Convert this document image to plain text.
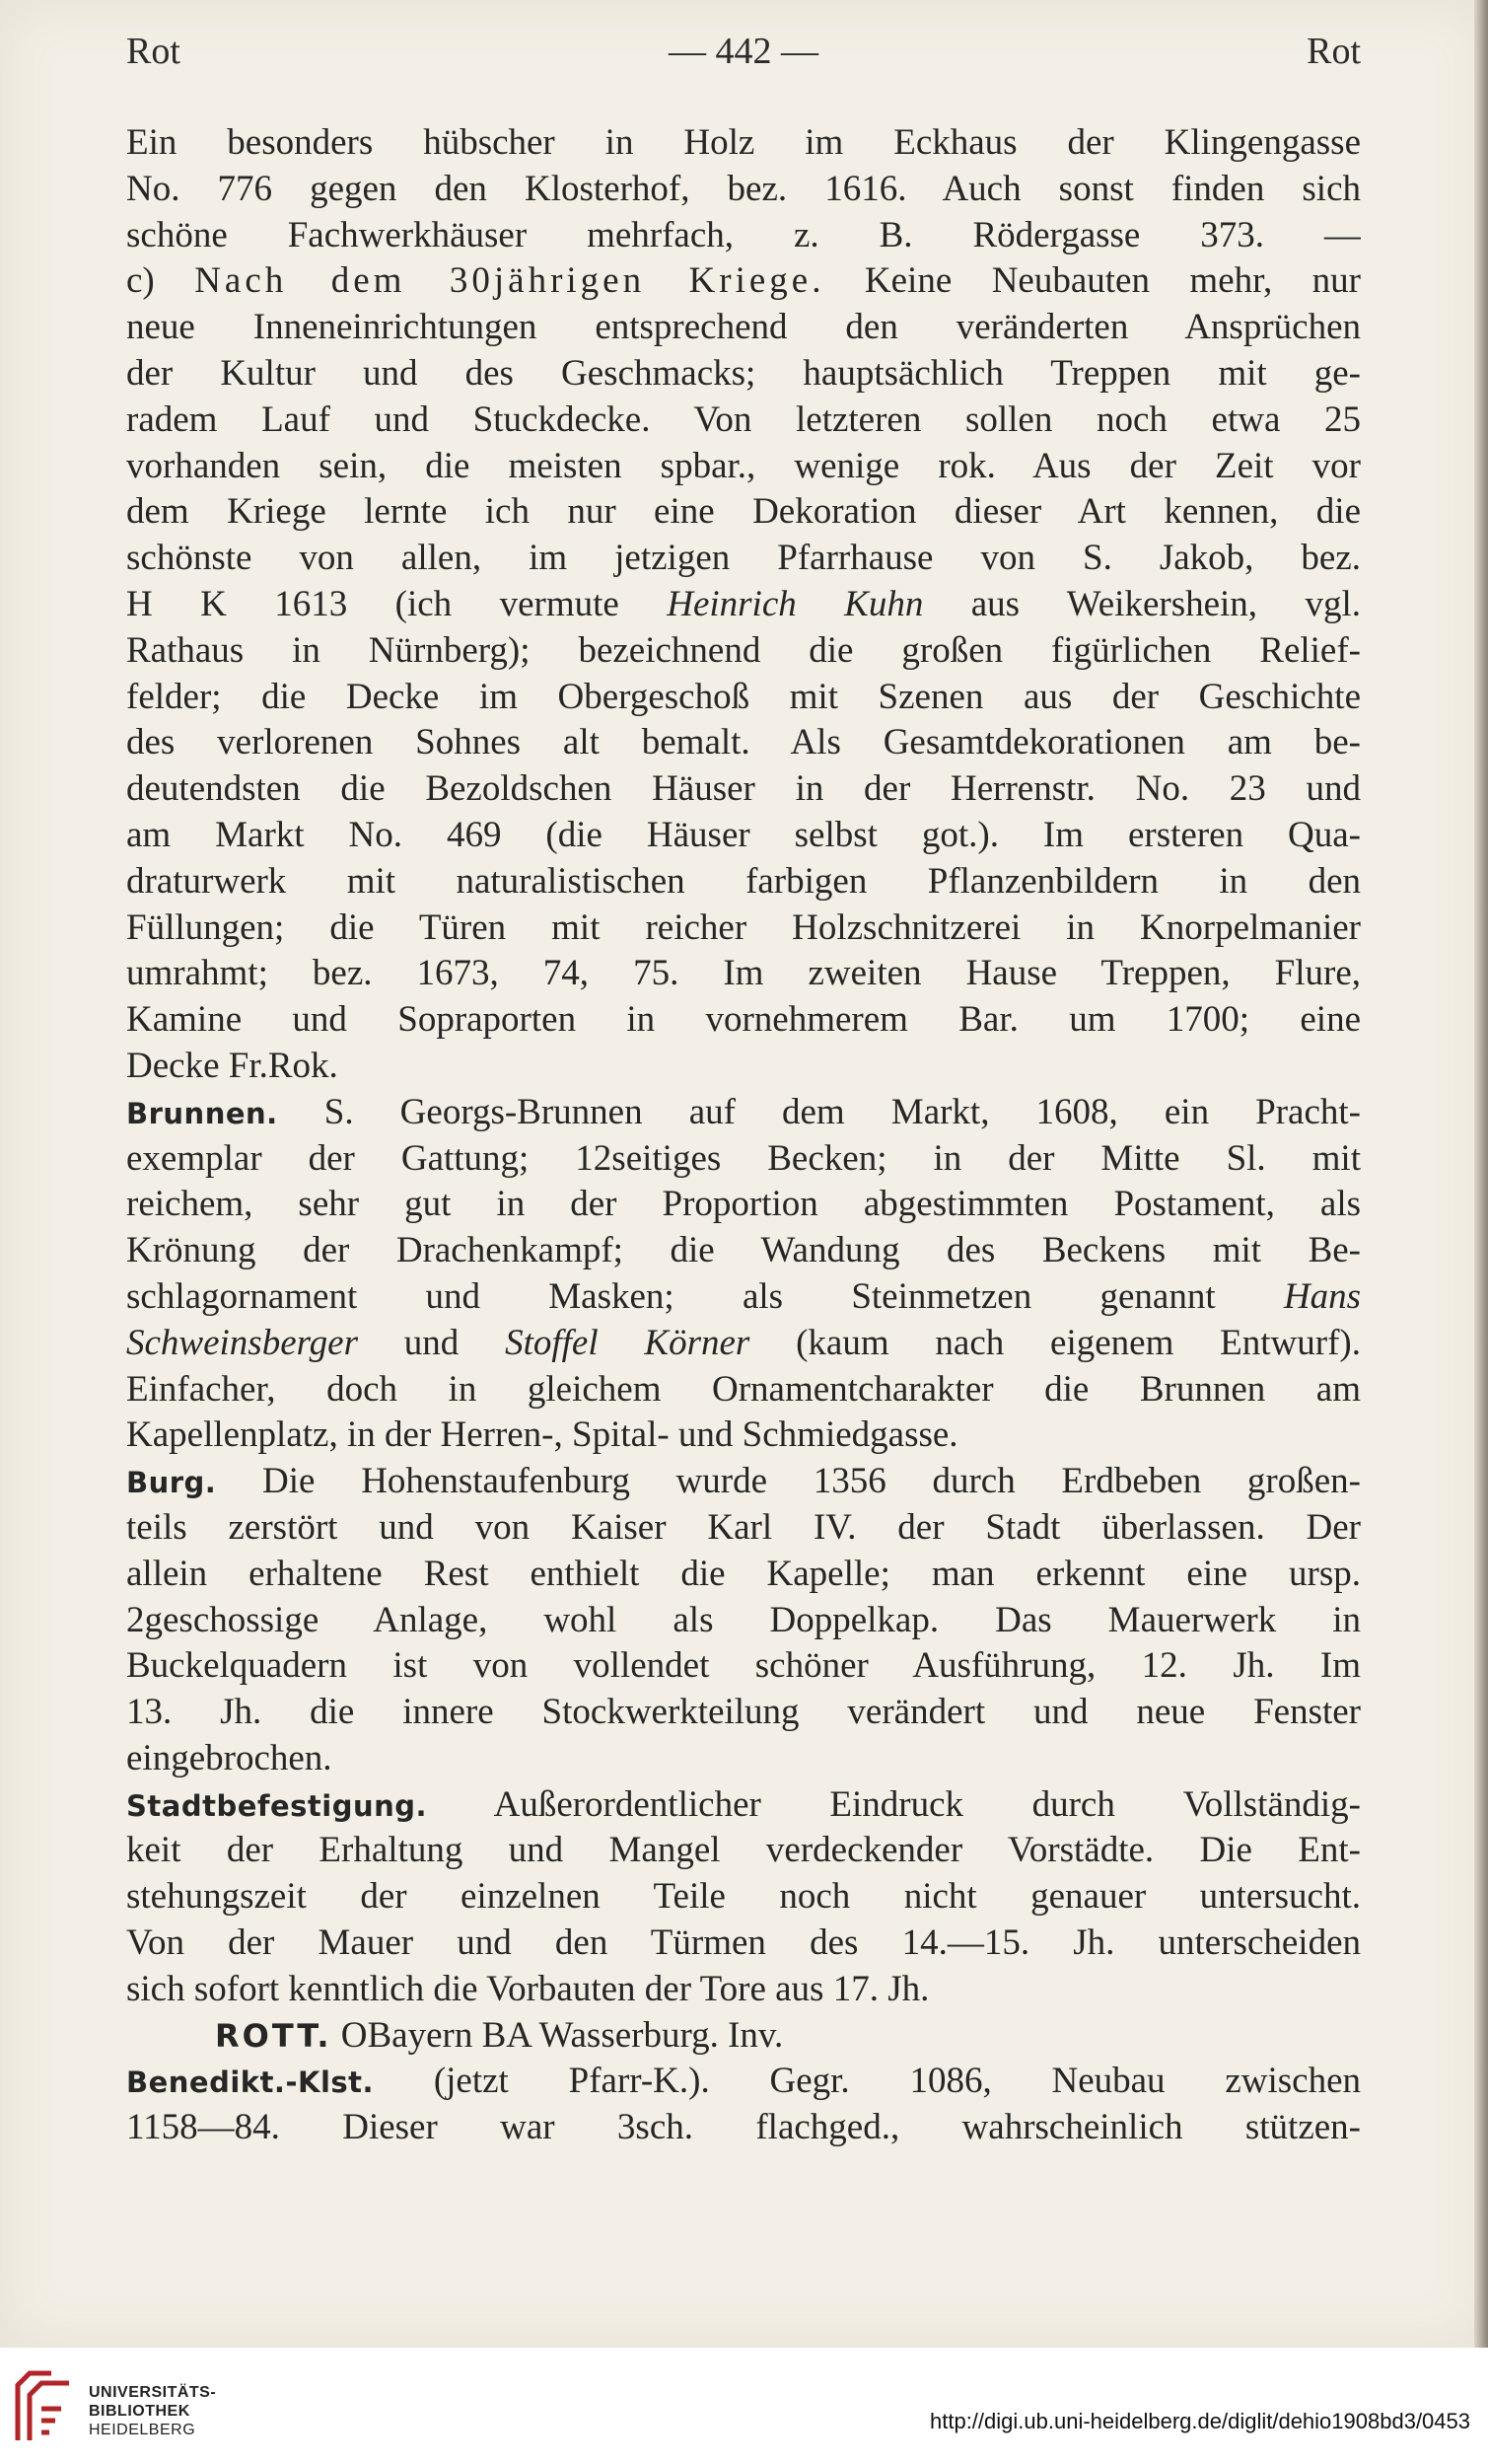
Rot	— 442 —	Rot
Ein besonders hübscher in Holz im Eckhaus der Klingengasse
No. 776 gegen den Klosterhof, bez. 1616. Auch sonst finden sich
schöne Fachwerkhäuser mehrfach, z. B. Rödergasse 373. —
c) Nach dem 30jährigen Kriege. Keine Neubauten mehr, nur
neue Inneneinrichtungen entsprechend den veränderten Ansprüchen
der Kultur und des Geschmacks; hauptsächlich Treppen mit ge-
radem Lauf und Stuckdecke. Von letzteren sollen noch etwa 25
vorhanden sein, die meisten spbar., wenige rok. Aus der Zeit vor
dem Kriege lernte ich nur eine Dekoration dieser Art kennen, die
schönste von allen, im jetzigen Pfarrhause von S. Jakob, bez.
H K 1613 (ich vermute Heinrich Kuhn aus Weikershein, vgl.
Rathaus in Nürnberg); bezeichnend die großen figürlichen Relief-
felder; die Decke im Obergeschoß mit Szenen aus der Geschichte
des verlorenen Sohnes alt bemalt. Als Gesamtdekorationen am be-
deutendsten die Bezoldschen Häuser in der Herrenstr. No. 23 und
am Markt No. 469 (die Häuser selbst got.). Im ersteren Qua-
draturwerk mit naturalistischen farbigen Pflanzenbildern in den
Füllungen; die Türen mit reicher Holzschnitzerei in Knorpelmanier
umrahmt; bez. 1673, 74, 75. Im zweiten Hause Treppen, Flure,
Kamine und Sopraporten in vornehmerem Bar. um 1700; eine
Decke Fr.Rok.
Brunnen. S. Georgs-Brunnen auf dem Markt, 1608, ein Pracht-
exemplar der Gattung; 12seitiges Becken; in der Mitte Sl. mit
reichem, sehr gut in der Proportion abgestimmten Postament, als
Krönung der Drachenkampf; die Wandung des Beckens mit Be-
schlagornament und Masken; als Steinmetzen genannt Hans
Schweinsberger und Stoffel Körner (kaum nach eigenem Entwurf).
Einfacher, doch in gleichem Ornamentcharakter die Brunnen am
Kapellenplatz, in der Herren-, Spital- und Schmiedgasse.
Burg. Die Hohenstaufenburg wurde 1356 durch Erdbeben großen-
teils zerstört und von Kaiser Karl IV. der Stadt überlassen. Der
allein erhaltene Rest enthielt die Kapelle; man erkennt eine ursp.
2geschossige Anlage, wohl als Doppelkap. Das Mauerwerk in
Buckelquadern ist von vollendet schöner Ausführung, 12. Jh. Im
13. Jh. die innere Stockwerkteilung verändert und neue Fenster
eingebrochen.
Stadtbefestigung. Außerordentlicher Eindruck durch Vollständig-
keit der Erhaltung und Mangel verdeckender Vorstädte. Die Ent-
stehungszeit der einzelnen Teile noch nicht genauer untersucht.
Von der Mauer und den Türmen des 14.—15. Jh. unterscheiden
sich sofort kenntlich die Vorbauten der Tore aus 17. Jh.
ROTT. OBayern BA Wasserburg. Inv.
Benedikt.-Klst. (jetzt Pfarr-K.). Gegr. 1086, Neubau zwischen
1158—84. Dieser war 3sch. flachged., wahrscheinlich stützen-
UNIVERSITÄTS-
BIBLIOTHEK
HEIDELBERG	http://digi.ub.uni-heidelberg.de/diglit/dehio1908bd3/0453
